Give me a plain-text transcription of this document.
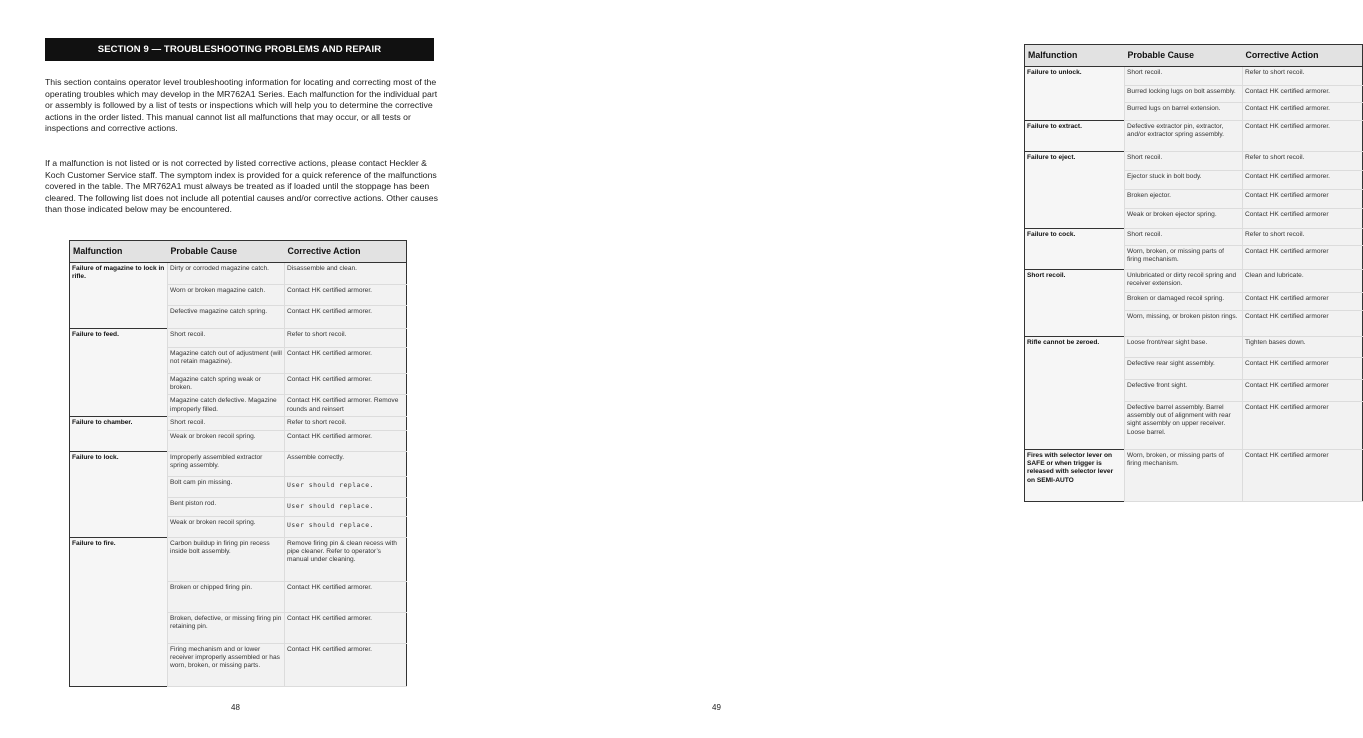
SECTION 9 — TROUBLESHOOTING PROBLEMS AND REPAIR

This section contains operator level troubleshooting information for locating and correcting most of the operating troubles which may develop in the MR762A1 Series. Each malfunction for the individual part or assembly is followed by a list of tests or inspections which will help you to determine the corrective actions in the order listed. This manual cannot list all malfunctions that may occur, or all tests or inspections and corrective actions.

If a malfunction is not listed or is not corrected by listed corrective actions, please contact Heckler & Koch Customer Service staff. The symptom index is provided for a quick reference of the malfunctions covered in the table. The MR762A1 must always be treated as if loaded until the stoppage has been cleared. The following list does not include all potential causes and/or corrective actions. Other causes than those indicated below may be encountered.

Malfunction	Probable Cause	Corrective Action
Failure of magazine to lock in rifle.	Dirty or corroded magazine catch.	Disassemble and clean.
	Worn or broken magazine catch.	Contact HK certified armorer.
	Defective magazine catch spring.	Contact HK certified armorer.
Failure to feed.	Short recoil.	Refer to short recoil.
	Magazine catch out of adjustment (will not retain magazine).	Contact HK certified armorer.
	Magazine catch spring weak or broken.	Contact HK certified armorer.
	Magazine catch defective. Magazine improperly filled.	Contact HK certified armorer. Remove rounds and reinsert
Failure to chamber.	Short recoil.	Refer to short recoil.
	Weak or broken recoil spring.	Contact HK certified armorer.
Failure to lock.	Improperly assembled extractor spring assembly.	Assemble correctly.
	Bolt cam pin missing.	User should replace.
	Bent piston rod.	User should replace.
	Weak or broken recoil spring.	User should replace.
Failure to fire.	Carbon buildup in firing pin recess inside bolt assembly.	Remove firing pin & clean recess with pipe cleaner. Refer to operator’s manual under cleaning.
	Broken or chipped firing pin.	Contact HK certified armorer.
	Broken, defective, or missing firing pin retaining pin.	Contact HK certified armorer.
	Firing mechanism and or lower receiver improperly assembled or has worn, broken, or missing parts.	Contact HK certified armorer.
48
Malfunction	Probable Cause	Corrective Action
Failure to unlock.	Short recoil.	Refer to short recoil.
	Burred locking lugs on bolt assembly.	Contact HK certified armorer.
	Burred lugs on barrel extension.	Contact HK certified armorer.
Failure to extract.	Defective extractor pin, extractor, and/or extractor spring assembly.	Contact HK certified armorer.
Failure to eject.	Short recoil.	Refer to short recoil.
	Ejector stuck in bolt body.	Contact HK certified armorer.
	Broken ejector.	Contact HK certified armorer
	Weak or broken ejector spring.	Contact HK certified armorer
Failure to cock.	Short recoil.	Refer to short recoil.
	Worn, broken, or missing parts of firing mechanism.	Contact HK certified armorer
Short recoil.	Unlubricated or dirty recoil spring and receiver extension.	Clean and lubricate.
	Broken or damaged recoil spring.	Contact HK certified armorer
	Worn, missing, or broken piston rings.	Contact HK certified armorer
Rifle cannot be zeroed.	Loose front/rear sight base.	Tighten bases down.
	Defective rear sight assembly.	Contact HK certified armorer
	Defective front sight.	Contact HK certified armorer
	Defective barrel assembly. Barrel assembly out of alignment with rear sight assembly on upper receiver. Loose barrel.	Contact HK certified armorer
Fires with selector lever on SAFE or when trigger is released with selector lever on SEMI-AUTO	Worn, broken, or missing parts of firing mechanism.	Contact HK certified armorer
49
